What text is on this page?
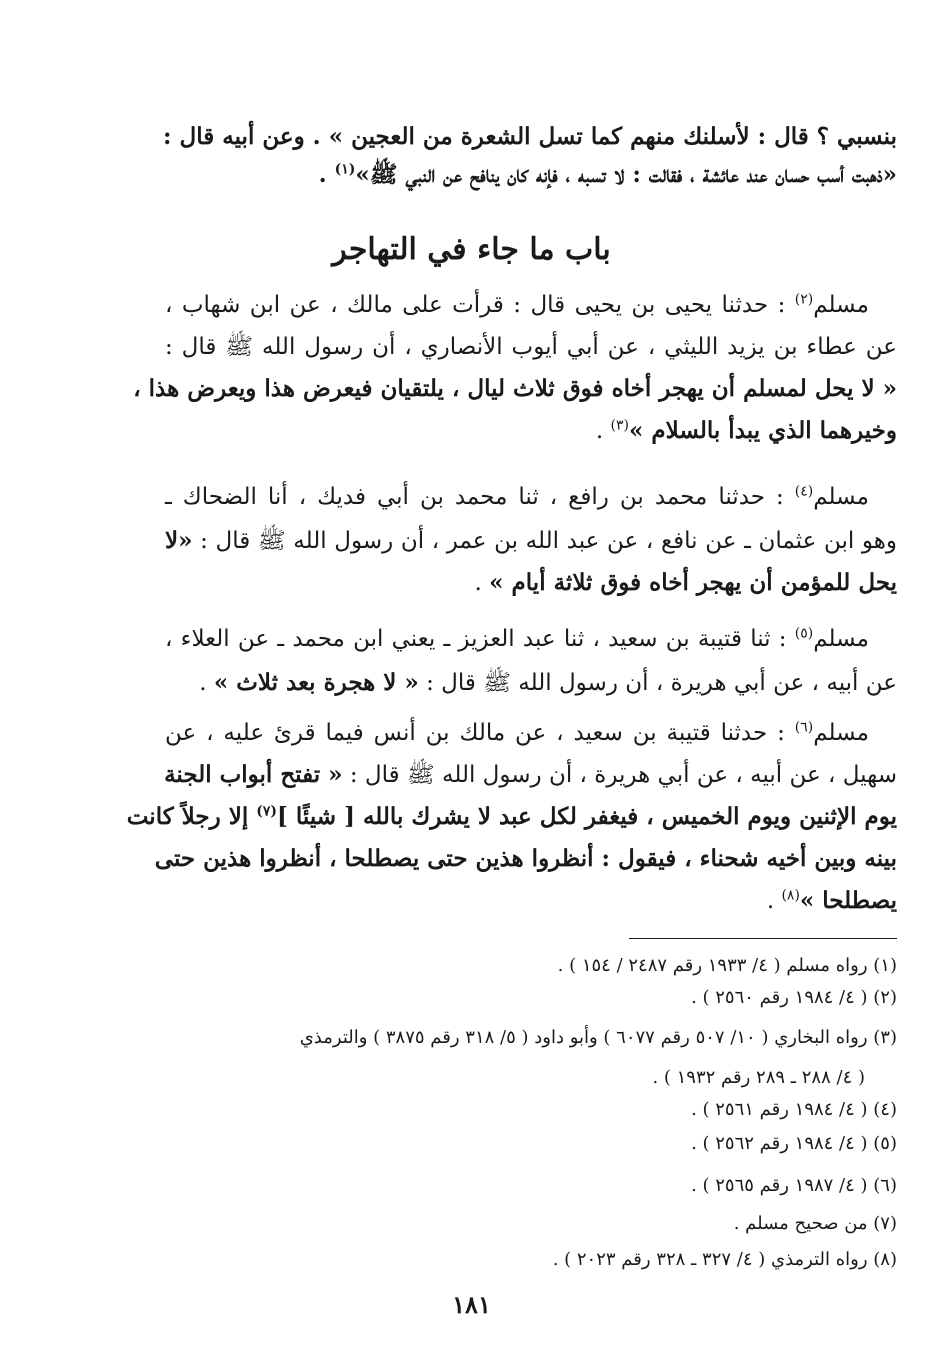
بنسبي ؟ قال : لأسلنك منهم كما تسل الشعرة من العجين » . وعن أبيه قال :
«ذهبت أسب حسان عند عائشة ، فقالت : لا تسبه ، فإنه كان ينافح عن النبي ﷺ»$^{(١)}$ .
باب ما جاء في التهاجر
مسلم$^{(٢)}$ : حدثنا يحيى بن يحيى قال : قرأت على مالك ، عن ابن شهاب ،
عن عطاء بن يزيد الليثي ، عن أبي أيوب الأنصاري ، أن رسول الله ﷺ قال :
« لا يحل لمسلم أن يهجر أخاه فوق ثلاث ليال ، يلتقيان فيعرض هذا ويعرض هذا ،
وخيرهما الذي يبدأ بالسلام »$^{(٣)}$ .
مسلم$^{(٤)}$ : حدثنا محمد بن رافع ، ثنا محمد بن أبي فديك ، أنا الضحاك ـ
وهو ابن عثمان ـ عن نافع ، عن عبد الله بن عمر ، أن رسول الله ﷺ قال : «لا
يحل للمؤمن أن يهجر أخاه فوق ثلاثة أيام » .
مسلم$^{(٥)}$ : ثنا قتيبة بن سعيد ، ثنا عبد العزيز ـ يعني ابن محمد ـ عن العلاء ،
عن أبيه ، عن أبي هريرة ، أن رسول الله ﷺ قال : « لا هجرة بعد ثلاث » .
مسلم$^{(٦)}$ : حدثنا قتيبة بن سعيد ، عن مالك بن أنس فيما قرئ عليه ، عن
سهيل ، عن أبيه ، عن أبي هريرة ، أن رسول الله ﷺ قال : « تفتح أبواب الجنة
يوم الإثنين ويوم الخميس ، فيغفر لكل عبد لا يشرك بالله [ شيئًا ]$^{(٧)}$ إلا رجلاً كانت
بينه وبين أخيه شحناء ، فيقول : أنظروا هذين حتى يصطلحا ، أنظروا هذين حتى
يصطلحا »$^{(٨)}$ .
(١) رواه مسلم ( ٤/ ١٩٣٣ رقم ٢٤٨٧ / ١٥٤ ) .
(٢) ( ٤/ ١٩٨٤ رقم ٢٥٦٠ ) .
(٣) رواه البخاري ( ١٠/ ٥٠٧ رقم ٦٠٧٧ ) وأبو داود ( ٥/ ٣١٨ رقم ٣٨٧٥ ) والترمذي
( ٤/ ٢٨٨ ـ ٢٨٩ رقم ١٩٣٢ ) .
(٤) ( ٤/ ١٩٨٤ رقم ٢٥٦١ ) .
(٥) ( ٤/ ١٩٨٤ رقم ٢٥٦٢ ) .
(٦) ( ٤/ ١٩٨٧ رقم ٢٥٦٥ ) .
(٧) من صحيح مسلم .
(٨) رواه الترمذي ( ٤/ ٣٢٧ ـ ٣٢٨ رقم ٢٠٢٣ ) .
١٨١
